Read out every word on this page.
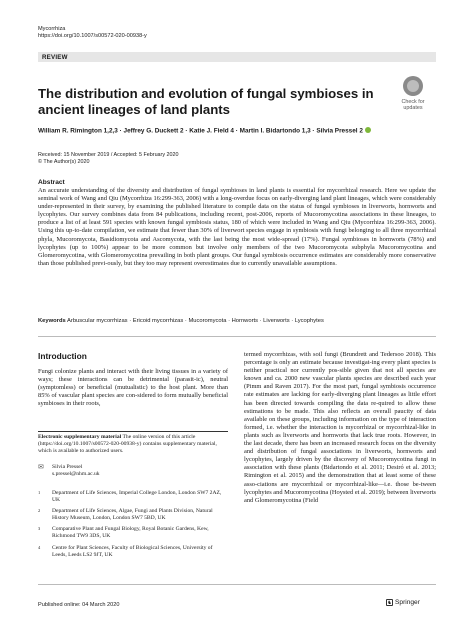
Mycorrhiza
https://doi.org/10.1007/s00572-020-00938-y
REVIEW
Check for
updates
The distribution and evolution of fungal symbioses in ancient lineages of land plants
William R. Rimington 1,2,3 · Jeffrey G. Duckett 2 · Katie J. Field 4 · Martin I. Bidartondo 1,3 · Silvia Pressel 2
Received: 15 November 2019 / Accepted: 5 February 2020
© The Author(s) 2020
Abstract

An accurate understanding of the diversity and distribution of fungal symbioses in land plants is essential for mycorrhizal research. Here we update the seminal work of Wang and Qiu (Mycorrhiza 16:299-363, 2006) with a long-overdue focus on early-diverging land plant lineages, which were considerably under-represented in their survey, by examining the published literature to compile data on the status of fungal symbioses in liverworts, hornworts and lycophytes. Our survey combines data from 84 publications, including recent, post-2006, reports of Mucoromycotina associations in these lineages, to produce a list of at least 591 species with known fungal symbiosis status, 180 of which were included in Wang and Qiu (Mycorrhiza 16:299-363, 2006). Using this up-to-date compilation, we estimate that fewer than 30% of liverwort species engage in symbiosis with fungi belonging to all three mycorrhizal phyla, Mucoromycota, Basidiomycota and Ascomycota, with the last being the most wide-spread (17%). Fungal symbioses in hornworts (78%) and lycophytes (up to 100%) appear to be more common but involve only members of the two Mucoromycota subphyla Mucoromycotina and Glomeromycotina, with Glomeromycotina prevailing in both plant groups. Our fungal symbiosis occurrence estimates are considerably more conservative than those published previ-ously, but they too may represent overestimates due to currently unavailable assumptions.

Keywords Arbuscular mycorrhizas · Ericoid mycorrhizas · Mucoromycota · Hornworts · Liverworts · Lycophytes
Introduction

Fungi colonize plants and interact with their living tissues in a variety of ways; these interactions can be detrimental (parasit-ic), neutral (symptomless) or beneficial (mutualistic) to the host plant. More than 85% of vascular plant species are con-sidered to form mutually beneficial symbioses in their roots,

termed mycorrhizas, with soil fungi (Brundrett and Tedersoo 2018). This percentage is only an estimate because investigat-ing every plant species is neither practical nor currently pos-sible given that not all species are known and ca. 2000 new vascular plants species are described each year (Pimm and Raven 2017). For the most part, fungal symbiosis occurrence rate estimates are lacking for early-diverging plant lineages as little effort has been directed towards compiling the data re-quired to allow these estimations to be made. This also reflects an overall paucity of data available on these groups, including information on the type of interaction formed, i.e. whether the interaction is mycorrhizal or mycorrhizal-like in plants such as liverworts and hornworts that lack true roots. However, in the last decade, there has been an increased research focus on the diversity and distribution of fungal associations in liverworts, hornworts and lycophytes, largely driven by the discovery of Mucoromycotina fungi in association with these plants (Bidartondo et al. 2011; Desiró et al. 2013; Rimington et al. 2015) and the demonstration that at least some of these asso-ciations are mycorrhizal or mycorrhizal-like—i.e. those be-tween lycophytes and Mucoromycotina (Hoysted et al. 2019); between liverworts and Glomeromycotina (Field

Electronic supplementary material The online version of this article (https://doi.org/10.1007/s00572-020-00938-y) contains supplementary material, which is available to authorized users.
✉ Silvia Pressel
s.pressel@nhm.ac.uk
1 Department of Life Sciences, Imperial College London, London SW7 2AZ, UK
2 Department of Life Sciences, Algae, Fungi and Plants Division, Natural History Museum, London, London SW7 5BD, UK
3 Comparative Plant and Fungal Biology, Royal Botanic Gardens, Kew, Richmond TW9 3DS, UK
4 Centre for Plant Sciences, Faculty of Biological Sciences, University of Leeds, Leeds LS2 9JT, UK
Published online: 04 March 2020	♞ Springer
